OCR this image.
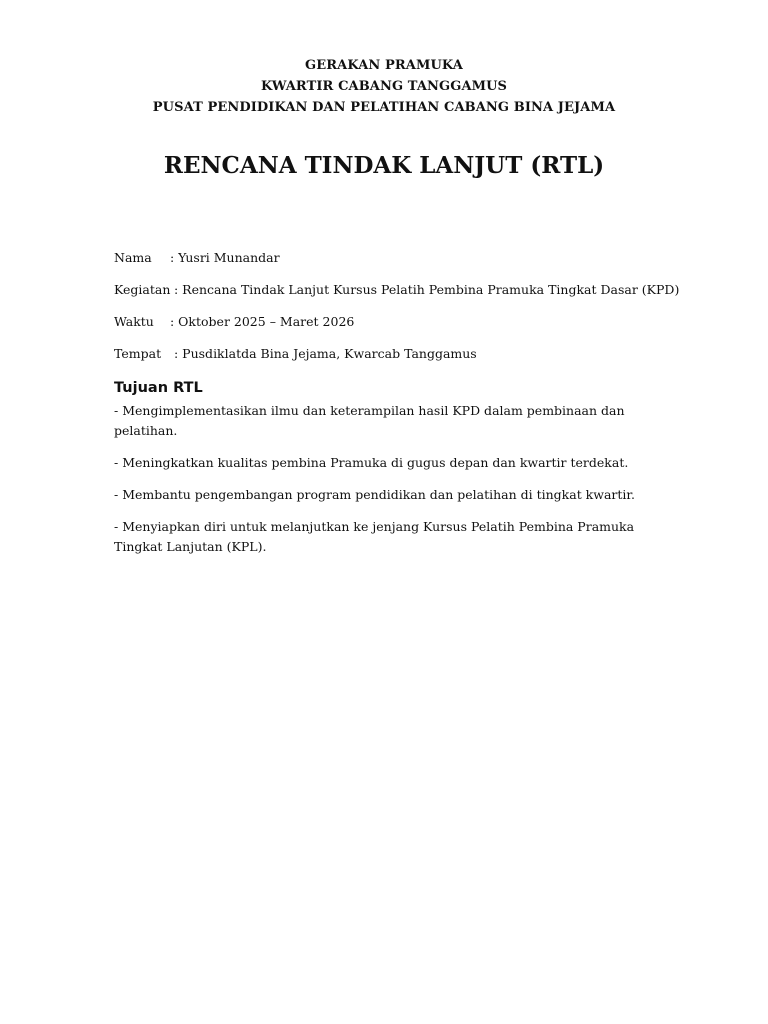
GERAKAN PRAMUKA
KWARTIR CABANG TANGGAMUS
PUSAT PENDIDIKAN DAN PELATIHAN CABANG BINA JEJAMA
RENCANA TINDAK LANJUT (RTL)
Nama : Yusri Munandar
Kegiatan : Rencana Tindak Lanjut Kursus Pelatih Pembina Pramuka Tingkat Dasar (KPD)
Waktu : Oktober 2025 – Maret 2026
Tempat : Pusdiklatda Bina Jejama, Kwarcab Tanggamus
Tujuan RTL
- Mengimplementasikan ilmu dan keterampilan hasil KPD dalam pembinaan dan pelatihan.
- Meningkatkan kualitas pembina Pramuka di gugus depan dan kwartir terdekat.
- Membantu pengembangan program pendidikan dan pelatihan di tingkat kwartir.
- Menyiapkan diri untuk melanjutkan ke jenjang Kursus Pelatih Pembina Pramuka Tingkat Lanjutan (KPL).
